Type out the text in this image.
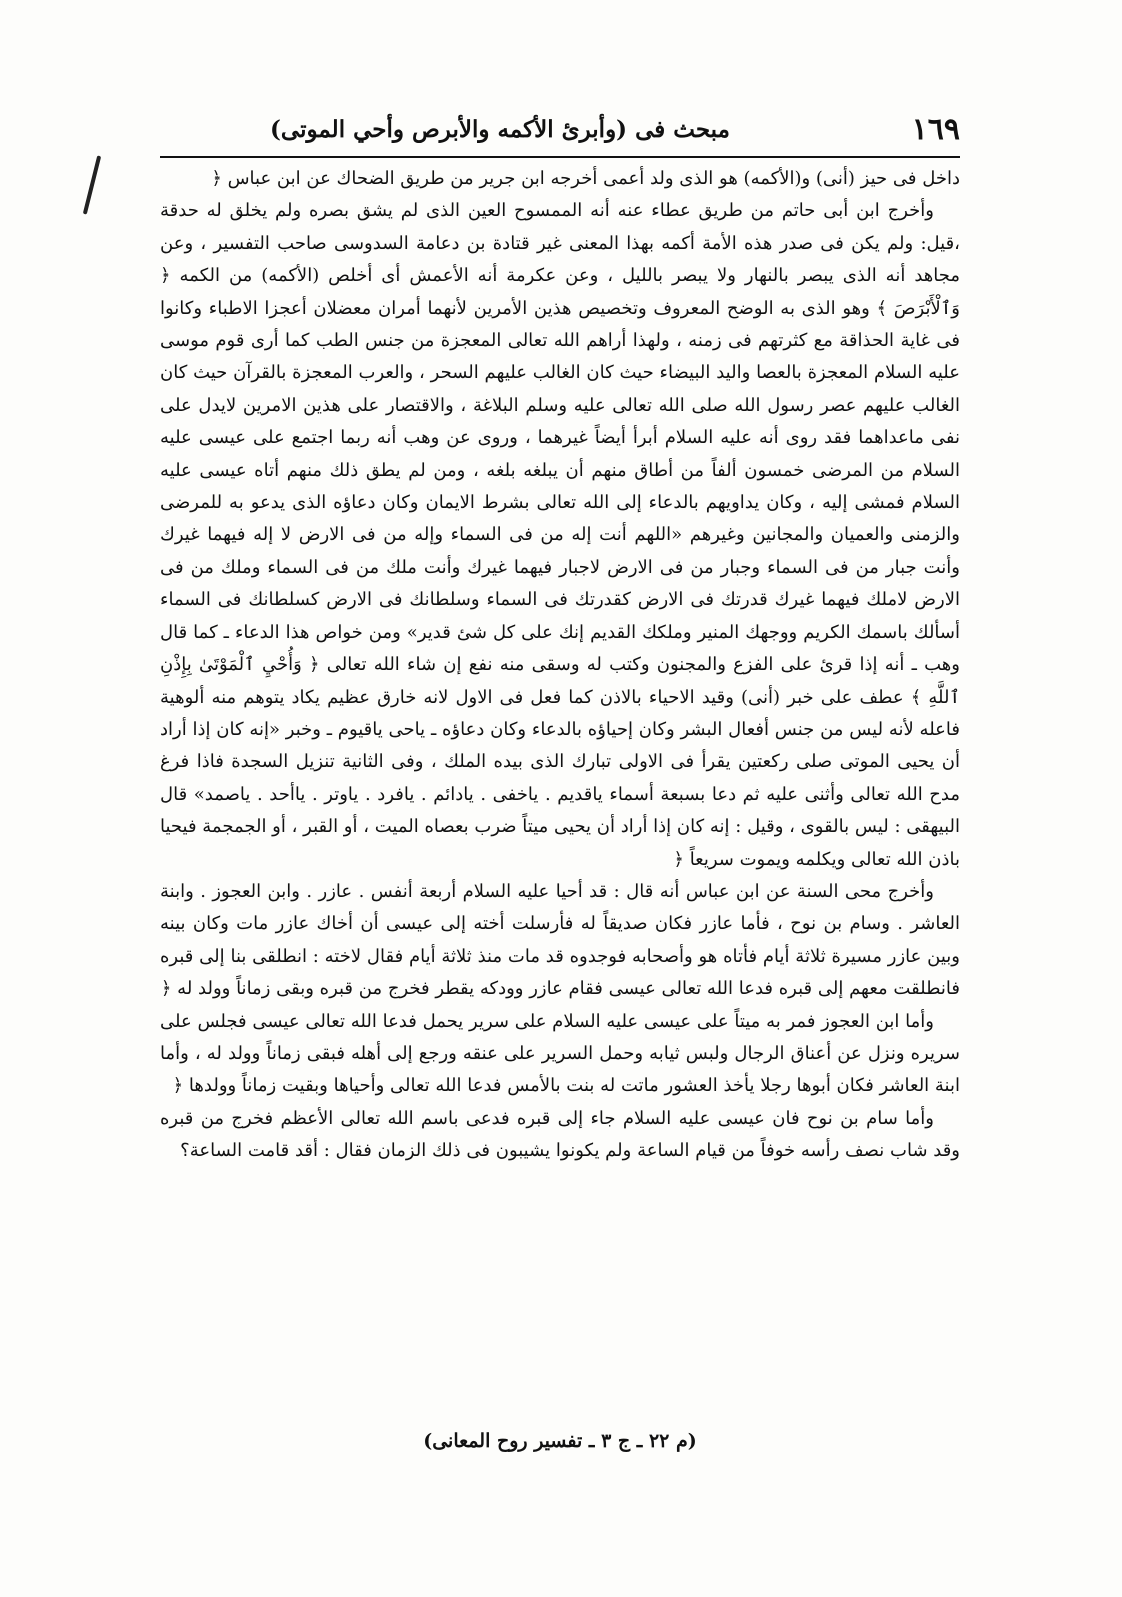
١٦٩
مبحث فى (وأبرئ الأكمه والأبرص وأحي الموتى)

داخل فى حيز (أنى) و(الأكمه) هو الذى ولد أعمى أخرجه ابن جرير من طريق الضحاك عن ابن عباس ﴿

وأخرج ابن أبى حاتم من طريق عطاء عنه أنه الممسوح العين الذى لم يشق بصره ولم يخلق له حدقة ،قيل: ولم يكن فى صدر هذه الأمة أكمه بهذا المعنى غير قتادة بن دعامة السدوسى صاحب التفسير ، وعن مجاهد أنه الذى يبصر بالنهار ولا يبصر بالليل ، وعن عكرمة أنه الأعمش أى أخلص (الأكمه) من الكمه ﴿ وَٱلْأَبْرَصَ ﴾ وهو الذى به الوضح المعروف وتخصيص هذين الأمرين لأنهما أمران معضلان أعجزا الاطباء وكانوا فى غاية الحذاقة مع كثرتهم فى زمنه ، ولهذا أراهم الله تعالى المعجزة من جنس الطب كما أرى قوم موسى عليه السلام المعجزة بالعصا واليد البيضاء حيث كان الغالب عليهم السحر ، والعرب المعجزة بالقرآن حيث كان الغالب عليهم عصر رسول الله صلى الله تعالى عليه وسلم البلاغة ، والاقتصار على هذين الامرين لايدل على نفى ماعداهما فقد روى أنه عليه السلام أبرأ أيضاً غيرهما ، وروى عن وهب أنه ربما اجتمع على عيسى عليه السلام من المرضى خمسون ألفاً من أطاق منهم أن يبلغه بلغه ، ومن لم يطق ذلك منهم أتاه عيسى عليه السلام فمشى إليه ، وكان يداويهم بالدعاء إلى الله تعالى بشرط الايمان وكان دعاؤه الذى يدعو به للمرضى والزمنى والعميان والمجانين وغيرهم «اللهم أنت إله من فى السماء وإله من فى الارض لا إله فيهما غيرك وأنت جبار من فى السماء وجبار من فى الارض لاجبار فيهما غيرك وأنت ملك من فى السماء وملك من فى الارض لاملك فيهما غيرك قدرتك فى الارض كقدرتك فى السماء وسلطانك فى الارض كسلطانك فى السماء أسألك باسمك الكريم ووجهك المنير وملكك القديم إنك على كل شئ قدير» ومن خواص هذا الدعاء ـ كما قال وهب ـ أنه إذا قرئ على الفزع والمجنون وكتب له وسقى منه نفع إن شاء الله تعالى ﴿ وَأُحْيِ ٱلْمَوْتَىٰ بِإِذْنِ ٱللَّهِ ﴾ عطف على خبر (أنى) وقيد الاحياء بالاذن كما فعل فى الاول لانه خارق عظيم يكاد يتوهم منه ألوهية فاعله لأنه ليس من جنس أفعال البشر وكان إحياؤه بالدعاء وكان دعاؤه ـ ياحى ياقيوم ـ وخبر «إنه كان إذا أراد أن يحيى الموتى صلى ركعتين يقرأ فى الاولى تبارك الذى بيده الملك ، وفى الثانية تنزيل السجدة فاذا فرغ مدح الله تعالى وأثنى عليه ثم دعا بسبعة أسماء ياقديم . ياخفى . يادائم . يافرد . ياوتر . ياأحد . ياصمد» قال البيهقى : ليس بالقوى ، وقيل : إنه كان إذا أراد أن يحيى ميتاً ضرب بعصاه الميت ، أو القبر ، أو الجمجمة فيحيا باذن الله تعالى ويكلمه ويموت سريعاً ﴿

وأخرج محى السنة عن ابن عباس أنه قال : قد أحيا عليه السلام أربعة أنفس . عازر . وابن العجوز . وابنة العاشر . وسام بن نوح ، فأما عازر فكان صديقاً له فأرسلت أخته إلى عيسى أن أخاك عازر مات وكان بينه وبين عازر مسيرة ثلاثة أيام فأتاه هو وأصحابه فوجدوه قد مات منذ ثلاثة أيام فقال لاخته : انطلقى بنا إلى قبره فانطلقت معهم إلى قبره فدعا الله تعالى عيسى فقام عازر وودكه يقطر فخرج من قبره وبقى زماناً وولد له ﴿

وأما ابن العجوز فمر به ميتاً على عيسى عليه السلام على سرير يحمل فدعا الله تعالى عيسى فجلس على سريره ونزل عن أعناق الرجال ولبس ثيابه وحمل السرير على عنقه ورجع إلى أهله فبقى زماناً وولد له ، وأما ابنة العاشر فكان أبوها رجلا يأخذ العشور ماتت له بنت بالأمس فدعا الله تعالى وأحياها وبقيت زماناً وولدها ﴿

وأما سام بن نوح فان عيسى عليه السلام جاء إلى قبره فدعى باسم الله تعالى الأعظم فخرج من قبره وقد شاب نصف رأسه خوفاً من قيام الساعة ولم يكونوا يشيبون فى ذلك الزمان فقال : أقد قامت الساعة؟

(م ٢٢ ـ ج ٣ ـ تفسير روح المعانى)
